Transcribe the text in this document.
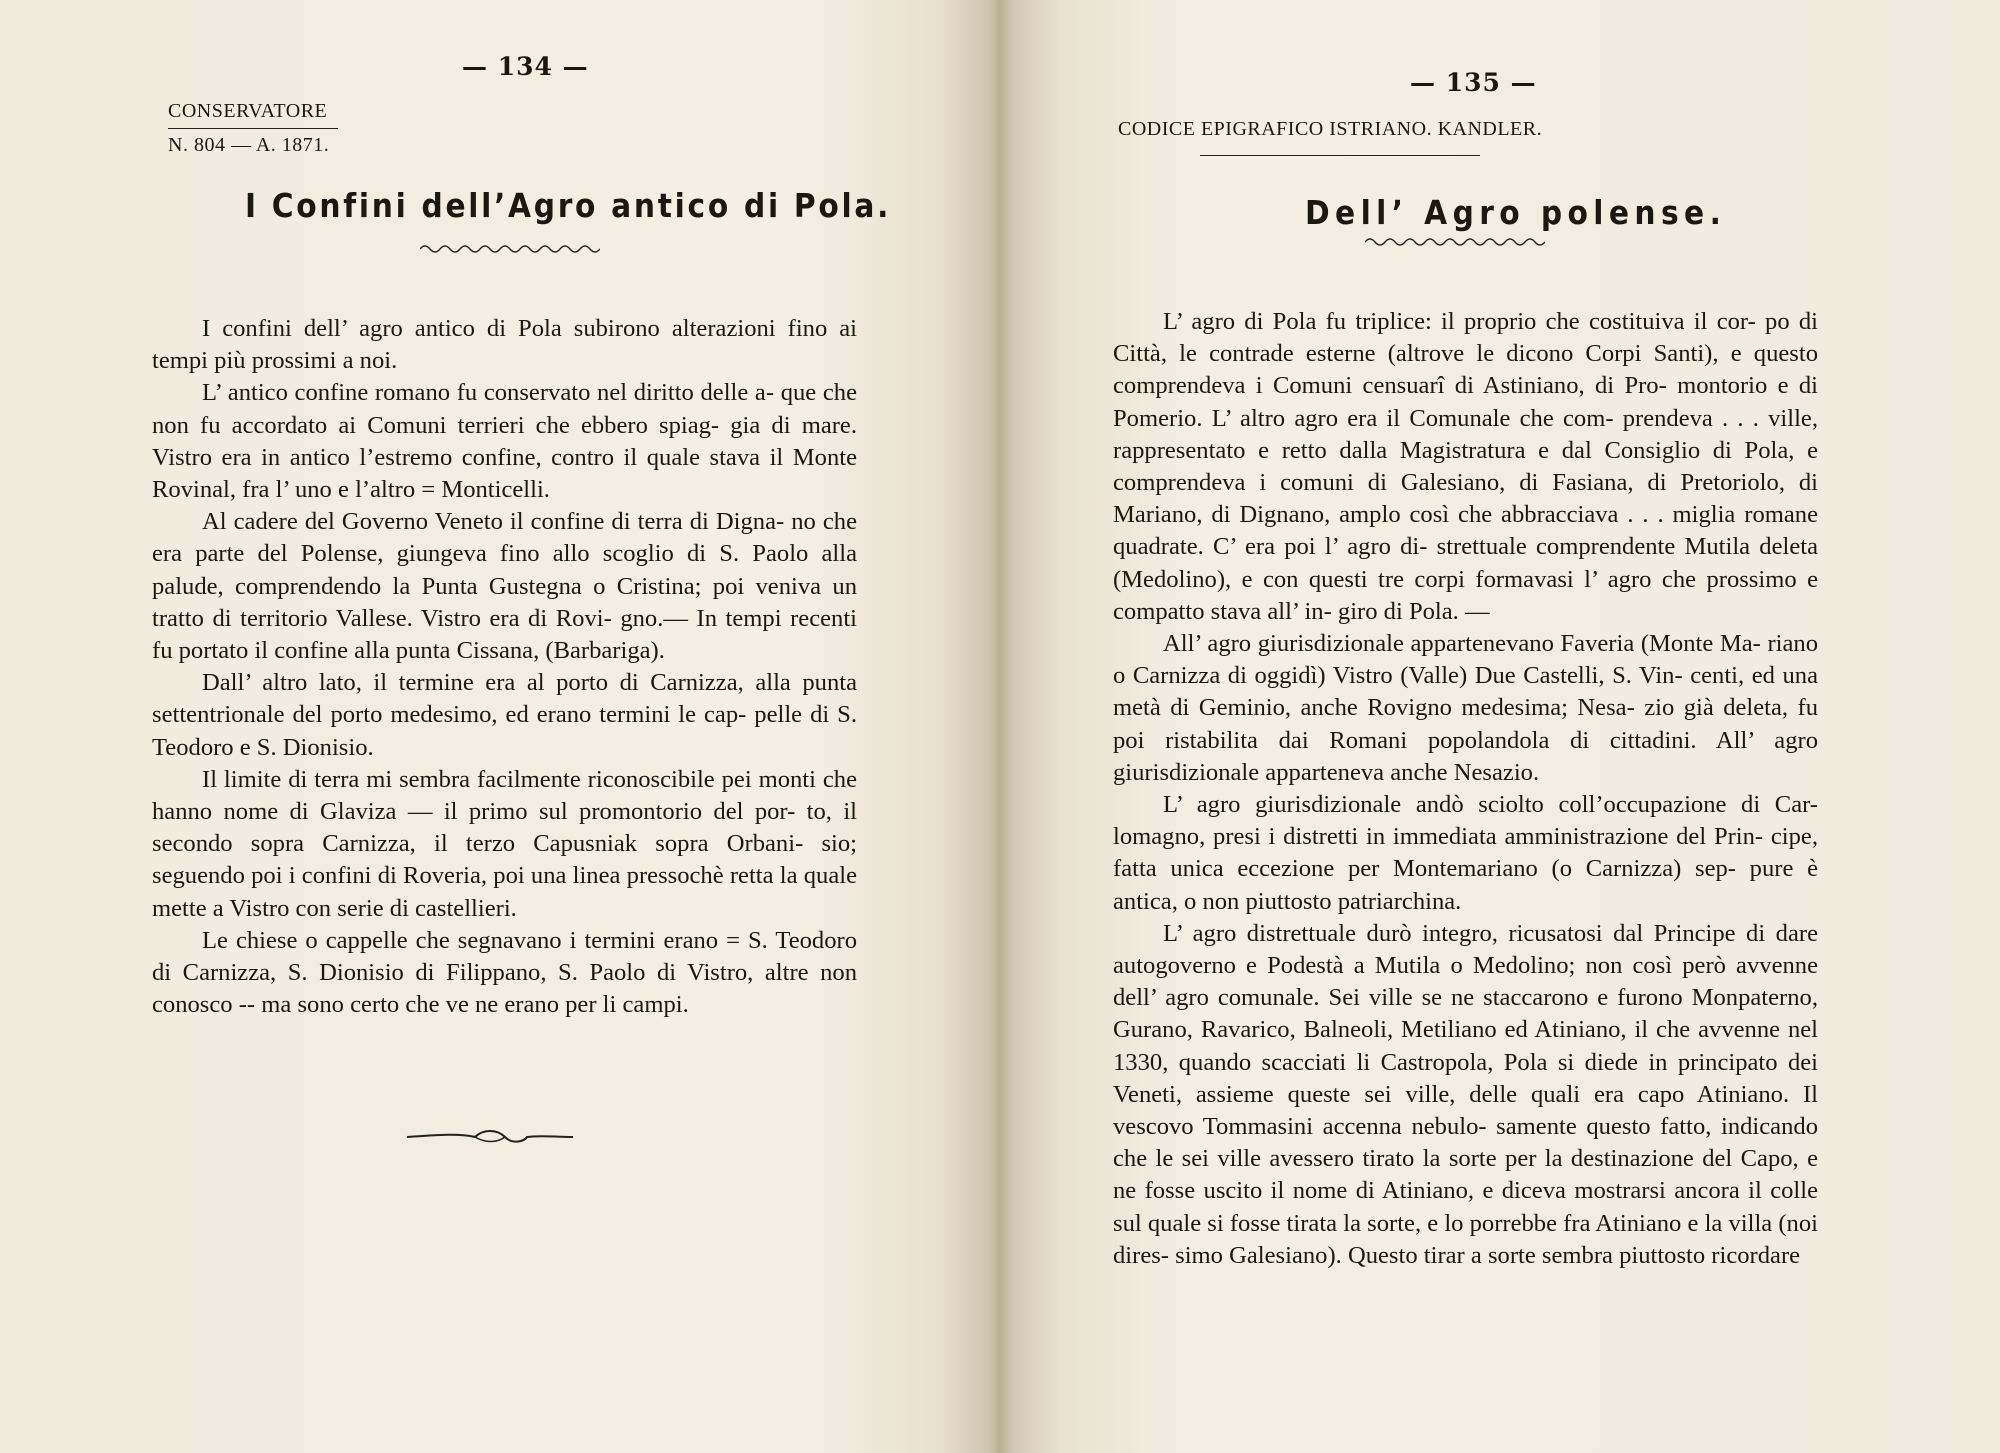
— 134 —
CONSERVATORE
N. 804 — A. 1871.
I Confini dell’Agro antico di Pola.

I confini dell’ agro antico di Pola subirono alterazioni fino ai tempi più prossimi a noi.

L’ antico confine romano fu conservato nel diritto delle a- que che non fu accordato ai Comuni terrieri che ebbero spiag- gia di mare. Vistro era in antico l’estremo confine, contro il quale stava il Monte Rovinal, fra l’ uno e l’altro = Monticelli.

Al cadere del Governo Veneto il confine di terra di Digna- no che era parte del Polense, giungeva fino allo scoglio di S. Paolo alla palude, comprendendo la Punta Gustegna o Cristina; poi veniva un tratto di territorio Vallese. Vistro era di Rovi- gno.— In tempi recenti fu portato il confine alla punta Cissana, (Barbariga).

Dall’ altro lato, il termine era al porto di Carnizza, alla punta settentrionale del porto medesimo, ed erano termini le cap- pelle di S. Teodoro e S. Dionisio.

Il limite di terra mi sembra facilmente riconoscibile pei monti che hanno nome di Glaviza — il primo sul promontorio del por- to, il secondo sopra Carnizza, il terzo Capusniak sopra Orbani- sio; seguendo poi i confini di Roveria, poi una linea pressochè retta la quale mette a Vistro con serie di castellieri.

Le chiese o cappelle che segnavano i termini erano = S. Teodoro di Carnizza, S. Dionisio di Filippano, S. Paolo di Vistro, altre non conosco -- ma sono certo che ve ne erano per li campi.

— 135 —
CODICE EPIGRAFICO ISTRIANO. KANDLER.
Dell’ Agro polense.

L’ agro di Pola fu triplice: il proprio che costituiva il cor- po di Città, le contrade esterne (altrove le dicono Corpi Santi), e questo comprendeva i Comuni censuarî di Astiniano, di Pro- montorio e di Pomerio. L’ altro agro era il Comunale che com- prendeva . . . ville, rappresentato e retto dalla Magistratura e dal Consiglio di Pola, e comprendeva i comuni di Galesiano, di Fasiana, di Pretoriolo, di Mariano, di Dignano, amplo così che abbracciava . . . miglia romane quadrate. C’ era poi l’ agro di- strettuale comprendente Mutila deleta (Medolino), e con questi tre corpi formavasi l’ agro che prossimo e compatto stava all’ in- giro di Pola. —

All’ agro giurisdizionale appartenevano Faveria (Monte Ma- riano o Carnizza di oggidì) Vistro (Valle) Due Castelli, S. Vin- centi, ed una metà di Geminio, anche Rovigno medesima; Nesa- zio già deleta, fu poi ristabilita dai Romani popolandola di cittadini. All’ agro giurisdizionale apparteneva anche Nesazio.

L’ agro giurisdizionale andò sciolto coll’occupazione di Car- lomagno, presi i distretti in immediata amministrazione del Prin- cipe, fatta unica eccezione per Montemariano (o Carnizza) sep- pure è antica, o non piuttosto patriarchina.

L’ agro distrettuale durò integro, ricusatosi dal Principe di dare autogoverno e Podestà a Mutila o Medolino; non così però avvenne dell’ agro comunale. Sei ville se ne staccarono e furono Monpaterno, Gurano, Ravarico, Balneoli, Metiliano ed Atiniano, il che avvenne nel 1330, quando scacciati li Castropola, Pola si diede in principato dei Veneti, assieme queste sei ville, delle quali era capo Atiniano. Il vescovo Tommasini accenna nebulo- samente questo fatto, indicando che le sei ville avessero tirato la sorte per la destinazione del Capo, e ne fosse uscito il nome di Atiniano, e diceva mostrarsi ancora il colle sul quale si fosse tirata la sorte, e lo porrebbe fra Atiniano e la villa (noi dires- simo Galesiano). Questo tirar a sorte sembra piuttosto ricordare
